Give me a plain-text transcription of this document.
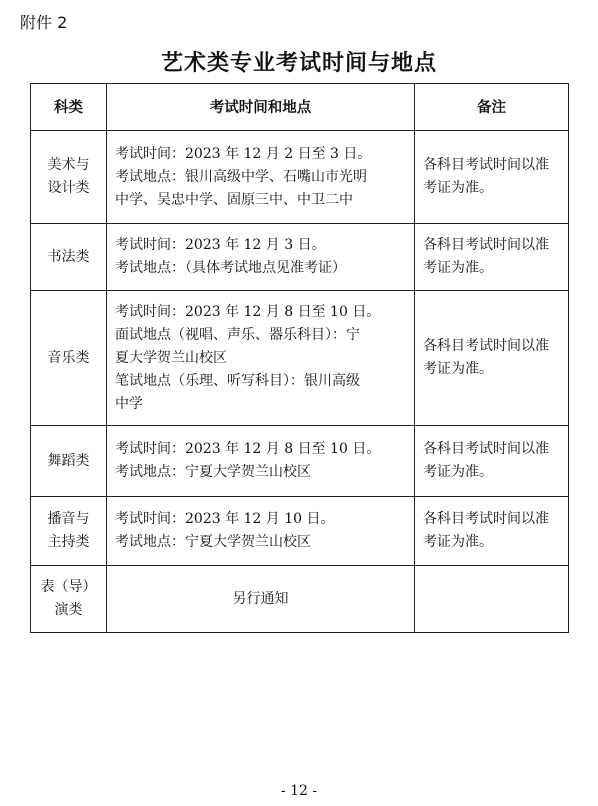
附件 2
艺术类专业考试时间与地点
科类	考试时间和地点	备注

美术与
设计类	考试时间：2023 年 12 月 2 日至 3 日。
考试地点：银川高级中学、石嘴山市光明
中学、吴忠中学、固原三中、中卫二中	各科目考试时间以准考证为准。

书法类	考试时间：2023 年 12 月 3 日。
考试地点：（具体考试地点见准考证）	各科目考试时间以准考证为准。

音乐类	考试时间：2023 年 12 月 8 日至 10 日。
面试地点（视唱、声乐、器乐科目）：宁
夏大学贺兰山校区
笔试地点（乐理、听写科目）：银川高级
中学	各科目考试时间以准考证为准。

舞蹈类	考试时间：2023 年 12 月 8 日至 10 日。
考试地点：宁夏大学贺兰山校区	各科目考试时间以准考证为准。

播音与
主持类	考试时间：2023 年 12 月 10 日。
考试地点：宁夏大学贺兰山校区	各科目考试时间以准考证为准。

表（导）
演类	另行通知	

- 12 -
